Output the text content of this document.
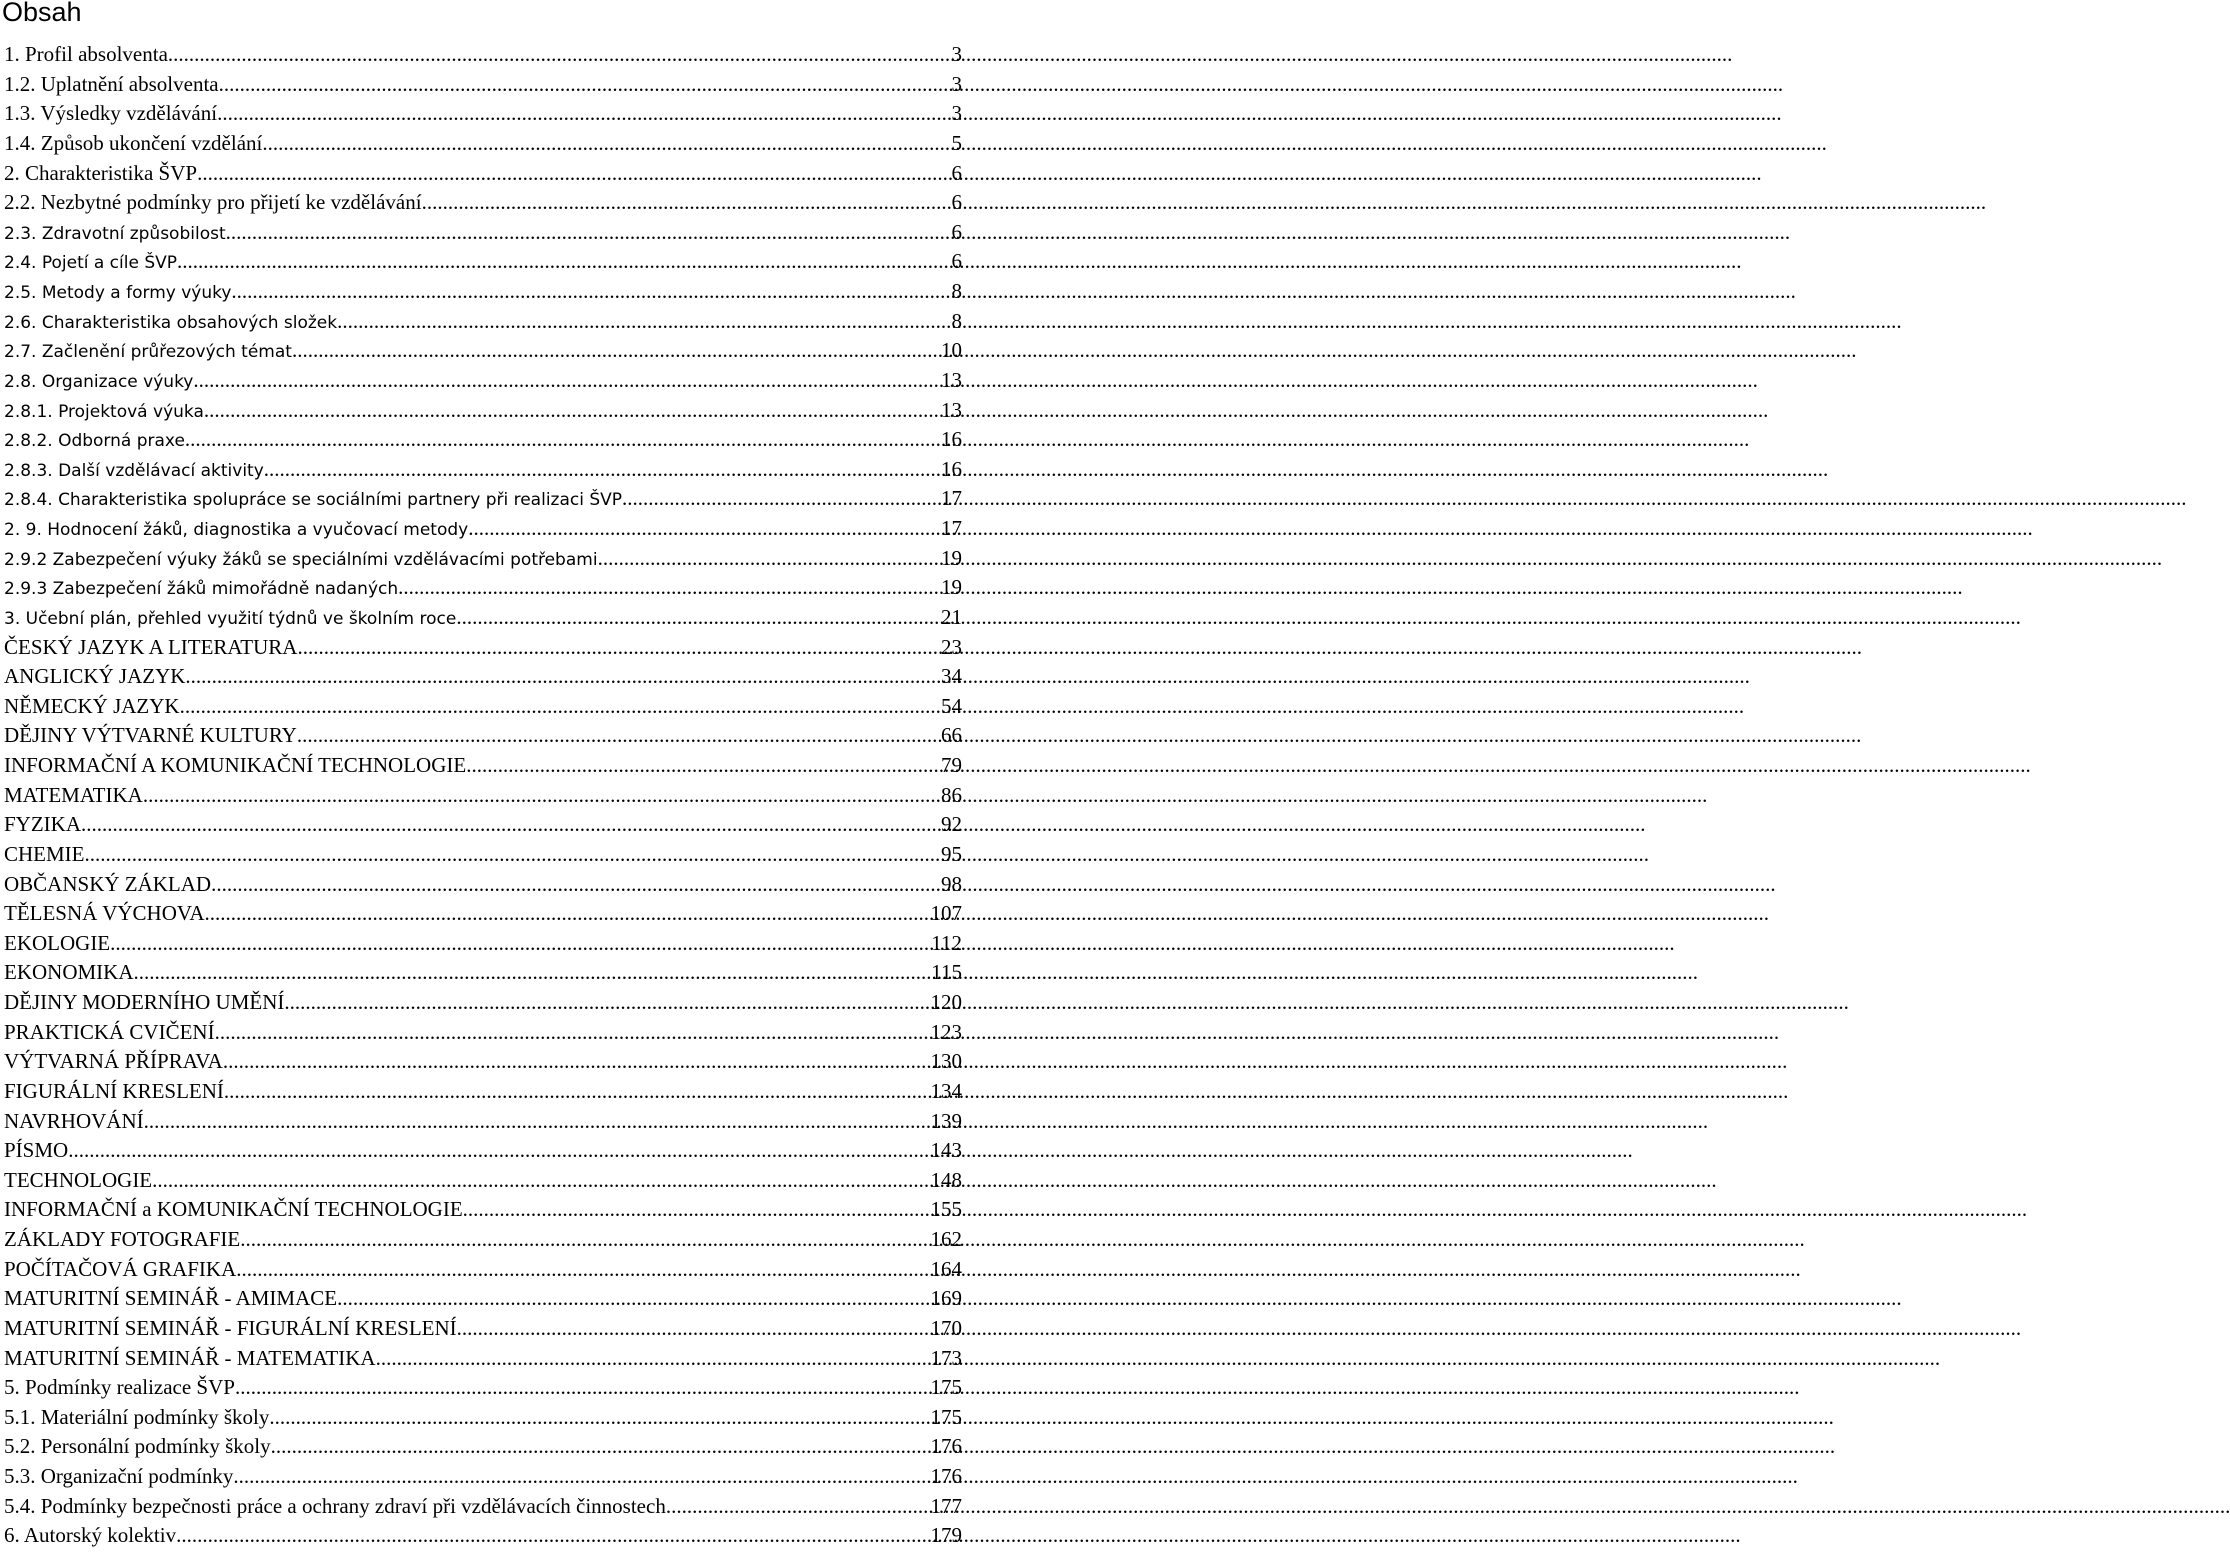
Obsah
1. Profil absolventa .....	3
1.2. Uplatnění absolventa .....	3
1.3. Výsledky vzdělávání .....	3
1.4. Způsob ukončení vzdělání .....	5
2. Charakteristika ŠVP .....	6
2.2. Nezbytné podmínky pro přijetí ke vzdělávání .....	6
2.3. Zdravotní způsobilost .....	6
2.4. Pojetí a cíle ŠVP .....	6
2.5. Metody a formy výuky .....	8
2.6. Charakteristika obsahových složek .....	8
2.7. Začlenění průřezových témat .....	10
2.8. Organizace výuky .....	13
2.8.1. Projektová výuka .....	13
2.8.2. Odborná praxe .....	16
2.8.3. Další vzdělávací aktivity .....	16
2.8.4. Charakteristika spolupráce se sociálními partnery při realizaci ŠVP .....	17
2. 9. Hodnocení žáků, diagnostika a vyučovací metody .....	17
2.9.2 Zabezpečení výuky žáků se speciálními vzdělávacími potřebami .....	19
2.9.3 Zabezpečení žáků mimořádně nadaných .....	19
3. Učební plán, přehled využití týdnů ve školním roce .....	21
ČESKÝ JAZYK A LITERATURA .....	23
ANGLICKÝ JAZYK .....	34
NĚMECKÝ JAZYK .....	54
DĚJINY VÝTVARNÉ KULTURY .....	66
INFORMAČNÍ A KOMUNIKAČNÍ TECHNOLOGIE .....	79
MATEMATIKA .....	86
FYZIKA .....	92
CHEMIE .....	95
OBČANSKÝ ZÁKLAD .....	98
TĚLESNÁ VÝCHOVA .....	107
EKOLOGIE .....	112
EKONOMIKA .....	115
DĚJINY MODERNÍHO UMĚNÍ .....	120
PRAKTICKÁ CVIČENÍ .....	123
VÝTVARNÁ PŘÍPRAVA .....	130
FIGURÁLNÍ KRESLENÍ .....	134
NAVRHOVÁNÍ .....	139
PÍSMO .....	143
TECHNOLOGIE .....	148
INFORMAČNÍ a KOMUNIKAČNÍ TECHNOLOGIE .....	155
ZÁKLADY FOTOGRAFIE .....	162
POČÍTAČOVÁ GRAFIKA .....	164
MATURITNÍ SEMINÁŘ - AMIMACE .....	169
MATURITNÍ SEMINÁŘ - FIGURÁLNÍ KRESLENÍ .....	170
MATURITNÍ SEMINÁŘ - MATEMATIKA .....	173
5. Podmínky realizace ŠVP .....	175
5.1. Materiální podmínky školy .....	175
5.2. Personální podmínky školy .....	176
5.3. Organizační podmínky .....	176
5.4. Podmínky bezpečnosti práce a ochrany zdraví při vzdělávacích činnostech .....	177
6. Autorský kolektiv .....	179
